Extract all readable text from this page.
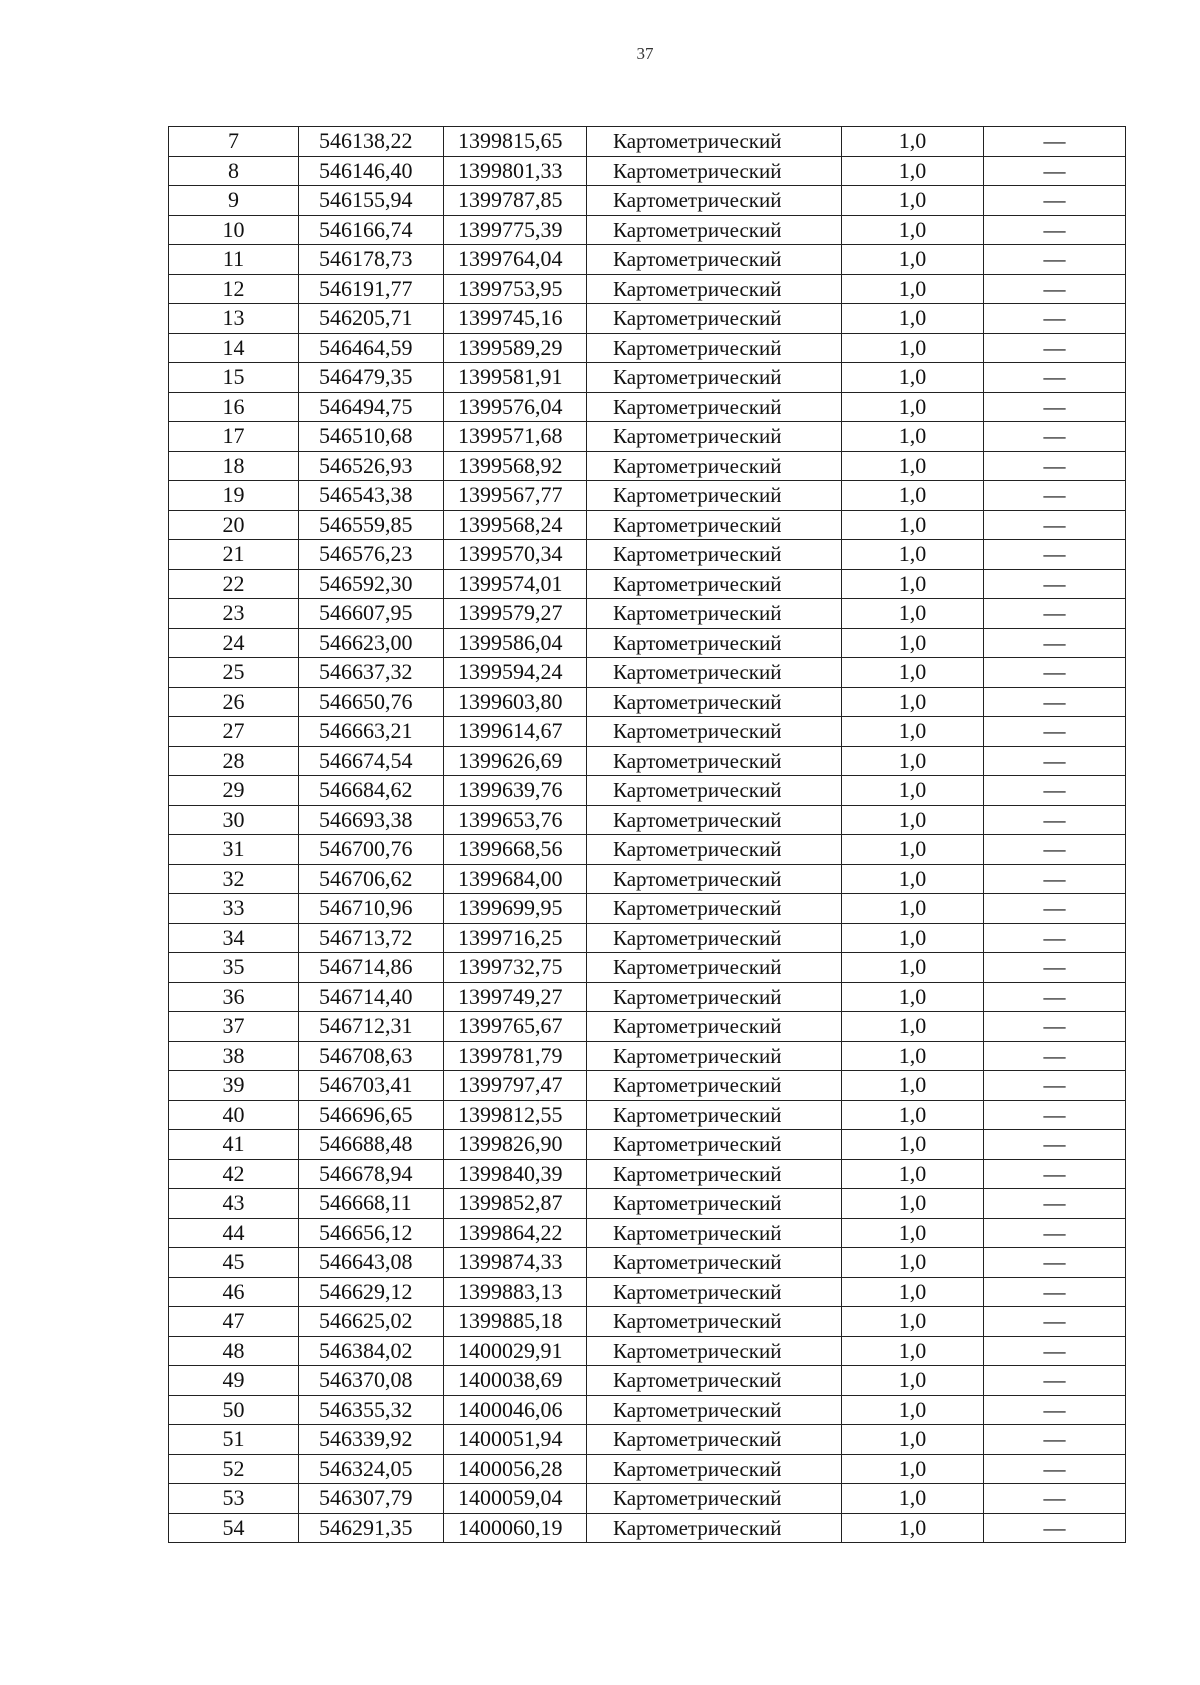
37
7	546138,22	1399815,65	Картометрический	1,0	—
8	546146,40	1399801,33	Картометрический	1,0	—
9	546155,94	1399787,85	Картометрический	1,0	—
10	546166,74	1399775,39	Картометрический	1,0	—
11	546178,73	1399764,04	Картометрический	1,0	—
12	546191,77	1399753,95	Картометрический	1,0	—
13	546205,71	1399745,16	Картометрический	1,0	—
14	546464,59	1399589,29	Картометрический	1,0	—
15	546479,35	1399581,91	Картометрический	1,0	—
16	546494,75	1399576,04	Картометрический	1,0	—
17	546510,68	1399571,68	Картометрический	1,0	—
18	546526,93	1399568,92	Картометрический	1,0	—
19	546543,38	1399567,77	Картометрический	1,0	—
20	546559,85	1399568,24	Картометрический	1,0	—
21	546576,23	1399570,34	Картометрический	1,0	—
22	546592,30	1399574,01	Картометрический	1,0	—
23	546607,95	1399579,27	Картометрический	1,0	—
24	546623,00	1399586,04	Картометрический	1,0	—
25	546637,32	1399594,24	Картометрический	1,0	—
26	546650,76	1399603,80	Картометрический	1,0	—
27	546663,21	1399614,67	Картометрический	1,0	—
28	546674,54	1399626,69	Картометрический	1,0	—
29	546684,62	1399639,76	Картометрический	1,0	—
30	546693,38	1399653,76	Картометрический	1,0	—
31	546700,76	1399668,56	Картометрический	1,0	—
32	546706,62	1399684,00	Картометрический	1,0	—
33	546710,96	1399699,95	Картометрический	1,0	—
34	546713,72	1399716,25	Картометрический	1,0	—
35	546714,86	1399732,75	Картометрический	1,0	—
36	546714,40	1399749,27	Картометрический	1,0	—
37	546712,31	1399765,67	Картометрический	1,0	—
38	546708,63	1399781,79	Картометрический	1,0	—
39	546703,41	1399797,47	Картометрический	1,0	—
40	546696,65	1399812,55	Картометрический	1,0	—
41	546688,48	1399826,90	Картометрический	1,0	—
42	546678,94	1399840,39	Картометрический	1,0	—
43	546668,11	1399852,87	Картометрический	1,0	—
44	546656,12	1399864,22	Картометрический	1,0	—
45	546643,08	1399874,33	Картометрический	1,0	—
46	546629,12	1399883,13	Картометрический	1,0	—
47	546625,02	1399885,18	Картометрический	1,0	—
48	546384,02	1400029,91	Картометрический	1,0	—
49	546370,08	1400038,69	Картометрический	1,0	—
50	546355,32	1400046,06	Картометрический	1,0	—
51	546339,92	1400051,94	Картометрический	1,0	—
52	546324,05	1400056,28	Картометрический	1,0	—
53	546307,79	1400059,04	Картометрический	1,0	—
54	546291,35	1400060,19	Картометрический	1,0	—
